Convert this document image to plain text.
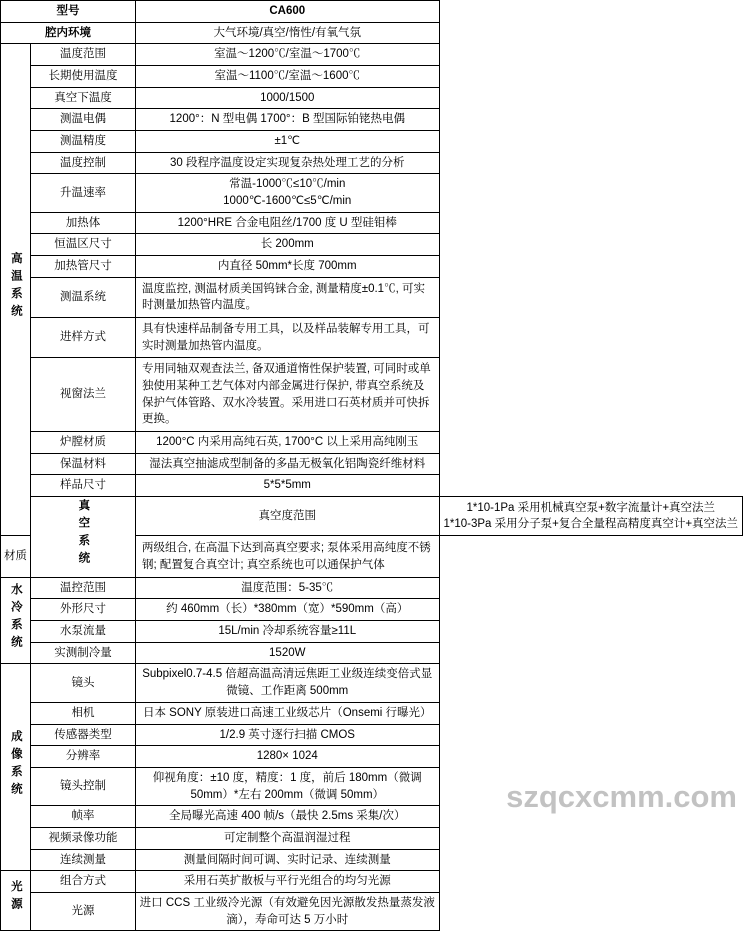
型号		CA600	
腔内环境		大气环境/真空/惰性/有氧气氛	
高温系统	温度范围	室温～1200℃/室温～1700℃	
	长期使用温度	室温～1100℃/室温～1600℃	
	真空下温度	1000/1500	
	测温电偶	1200°：N 型电偶 1700°：B 型国际铂铑热电偶	
	测温精度	±1℃	
	温度控制	30 段程序温度设定实现复杂热处理工艺的分析	
	升温速率	常温-1000℃≤10℃/min
1000℃-1600℃≤5℃/min	

	加热体	1200°HRE 合金电阻丝/1700 度 U 型硅钼棒	
	恒温区尺寸	长 200mm	
	加热管尺寸	内直径 50mm*长度 700mm	
	测温系统	温度监控, 测温材质美国钨铼合金, 测量精度±0.1℃, 可实时测量加热管内温度。	
	进样方式	具有快速样品制备专用工具，以及样品装解专用工具，可实时测量加热管内温度。	
	视窗法兰	专用同轴双观查法兰, 备双通道惰性保护装置, 可同时或单独使用某种工艺气体对内部金属进行保护, 带真空系统及保护气体管路、双水冷装置。采用进口石英材质并可快拆更换。	
	炉膛材质	1200°C 内采用高纯石英, 1700°C 以上采用高纯刚玉	
	保温材料	湿法真空抽滤成型制备的多晶无极氧化铝陶瓷纤维材料	
	样品尺寸	5*5*5mm	
	真空系统	真空度范围	1*10-1Pa 采用机械真空泵+数字流量计+真空法兰
1*10-3Pa 采用分子泵+复合全量程高精度真空计+真空法兰

材质		两级组合, 在高温下达到高真空要求; 泵体采用高纯度不锈钢; 配置复合真空计; 真空系统也可以通保护气体	
水冷系统	温控范围	温度范围：5-35℃	
	外形尺寸	约 460mm（长）*380mm（宽）*590mm（高）	
	水泵流量	15L/min 冷却系统容量≥11L	
	实测制冷量	1520W	
成像系统	镜头	Subpixel0.7-4.5 倍超高温高清远焦距工业级连续变倍式显微镜、工作距离 500mm	
	相机	日本 SONY 原装进口高速工业级芯片（Onsemi 行曝光）	
	传感器类型	1/2.9 英寸逐行扫描 CMOS	
	分辨率	1280× 1024	
	镜头控制	仰视角度：±10 度，精度：1 度，前后 180mm（微调 50mm）*左右 200mm（微调 50mm）	
	帧率	全局曝光高速 400 帧/s（最快 2.5ms 采集/次）	
	视频录像功能	可定制整个高温润湿过程	
	连续测量	测量间隔时间可调、实时记录、连续测量	
光源	组合方式	采用石英扩散板与平行光组合的均匀光源	
	光源	进口 CCS 工业级冷光源（有效避免因光源散发热量蒸发液滴），寿命可达 5 万小时	
szqcxcmm.com
